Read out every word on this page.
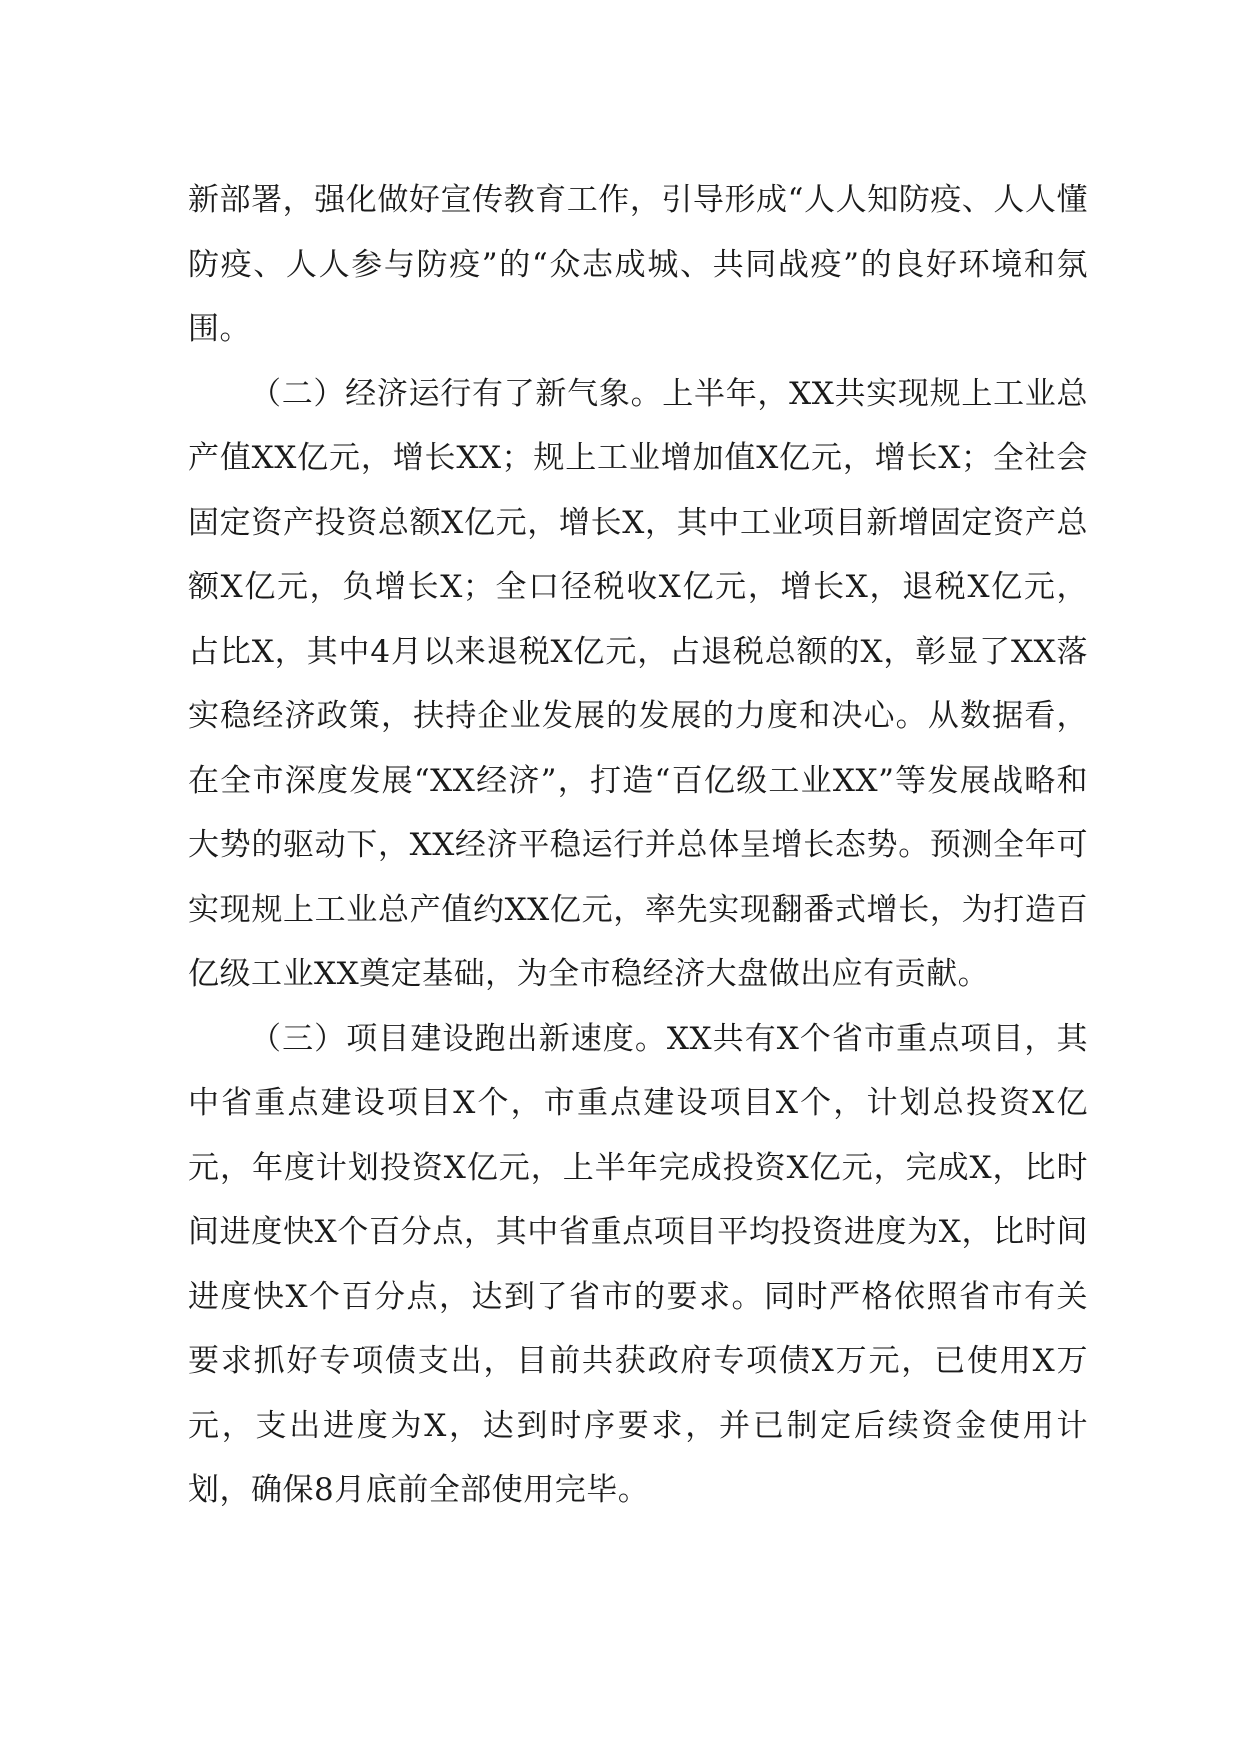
新部署，强化做好宣传教育工作，引导形成“人人知防疫、人人懂防疫、人人参与防疫”的“众志成城、共同战疫”的良好环境和氛围。

（二）经济运行有了新气象。上半年，XX共实现规上工业总产值XX亿元，增长XX；规上工业增加值X亿元，增长X；全社会固定资产投资总额X亿元，增长X，其中工业项目新增固定资产总额X亿元，负增长X；全口径税收X亿元，增长X，退税X亿元，占比X，其中4月以来退税X亿元，占退税总额的X，彰显了XX落实稳经济政策，扶持企业发展的发展的力度和决心。从数据看，在全市深度发展“XX经济”，打造“百亿级工业XX”等发展战略和大势的驱动下，XX经济平稳运行并总体呈增长态势。预测全年可实现规上工业总产值约XX亿元，率先实现翻番式增长，为打造百亿级工业XX奠定基础，为全市稳经济大盘做出应有贡献。

（三）项目建设跑出新速度。XX共有X个省市重点项目，其中省重点建设项目X个，市重点建设项目X个，计划总投资X亿元，年度计划投资X亿元，上半年完成投资X亿元，完成X，比时间进度快X个百分点，其中省重点项目平均投资进度为X，比时间进度快X个百分点，达到了省市的要求。同时严格依照省市有关要求抓好专项债支出，目前共获政府专项债X万元，已使用X万元，支出进度为X，达到时序要求，并已制定后续资金使用计划，确保8月底前全部使用完毕。
